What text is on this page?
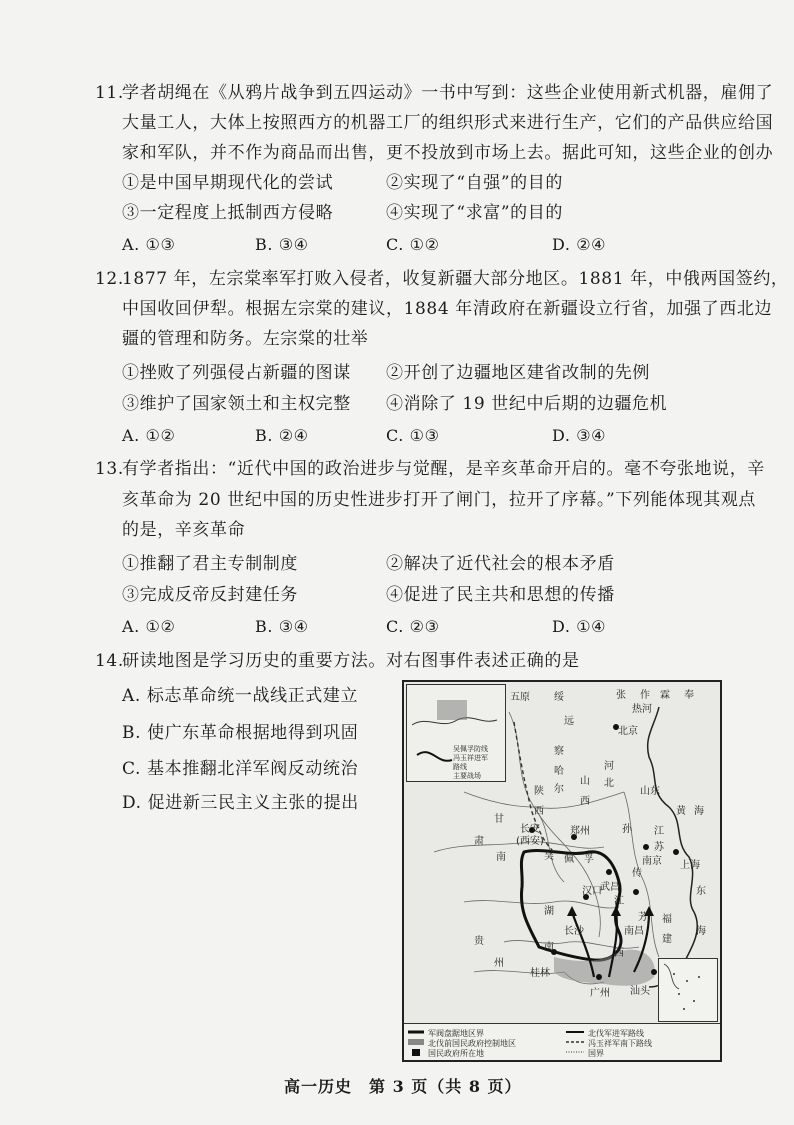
11.
学者胡绳在《从鸦片战争到五四运动》一书中写到：这些企业使用新式机器，雇佣了
大量工人，大体上按照西方的机器工厂的组织形式来进行生产，它们的产品供应给国
家和军队，并不作为商品而出售，更不投放到市场上去。据此可知，这些企业的创办
①是中国早期现代化的尝试	②实现了“自强”的目的
③一定程度上抵制西方侵略	④实现了“求富”的目的
A. ①③	B. ③④	C. ①②	D. ②④
12.
1877 年，左宗棠率军打败入侵者，收复新疆大部分地区。1881 年，中俄两国签约，
中国收回伊犁。根据左宗棠的建议，1884 年清政府在新疆设立行省，加强了西北边
疆的管理和防务。左宗棠的壮举
①挫败了列强侵占新疆的图谋 ②开创了边疆地区建省改制的先例
③维护了国家领土和主权完整 ④消除了 19 世纪中后期的边疆危机
A. ①②	B. ②④	C. ①③	D. ③④
13.
有学者指出：“近代中国的政治进步与觉醒，是辛亥革命开启的。毫不夸张地说，辛
亥革命为 20 世纪中国的历史性进步打开了闸门，拉开了序幕。”下列能体现其观点
的是，辛亥革命
①推翻了君主专制制度	②解决了近代社会的根本矛盾
③完成反帝反封建任务	④促进了民主共和思想的传播
A. ①②	B. ③④	C. ②③	D. ①④
14.
研读地图是学习历史的重要方法。对右图事件表述正确的是
A. 标志革命统一战线正式建立
B. 使广东革命根据地得到巩固
C. 基本推翻北洋军阀反动统治
D. 促进新三民主义主张的提出
吴佩孚防线
冯玉祥进军
路线
主要战场
五原 绥
远
张 作 霖 奉
北京
热河
察
哈
尔
山
西
陕
西
甘
肃
河
北
山东
黄 海
长安
(西安)
郑州
吴 佩 孚
孙
传
芳
江
苏
南京 上海
武昌
汉口
长沙	南昌
湖
南
江
西
福
建
桂林
广州 汕头
东
海
南
贵
州
军阀盘踞地区界
北伐前国民政府控制地区
国民政府所在地
北伐军进军路线
冯玉祥军南下路线
国界
高一历史　第 3 页（共 8 页）
